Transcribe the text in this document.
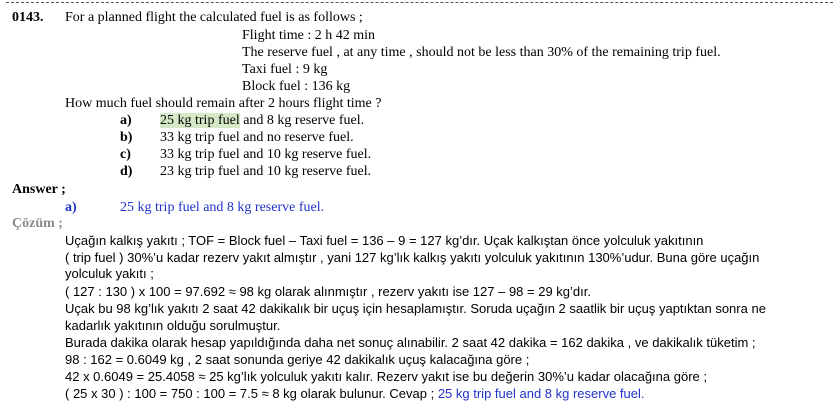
0143. For a planned flight the calculated fuel is as follows ;
Flight time : 2 h 42 min
The reserve fuel , at any time , should not be less than 30% of the remaining trip fuel.
Taxi fuel : 9 kg
Block fuel : 136 kg
How much fuel should remain after 2 hours flight time ?
a) 25 kg trip fuel and 8 kg reserve fuel.
b) 33 kg trip fuel and no reserve fuel.
c) 33 kg trip fuel and 10 kg reserve fuel.
d) 23 kg trip fuel and 10 kg reserve fuel.
Answer ;
a)	25 kg trip fuel and 8 kg reserve fuel.
Çözüm ;
Uçağın kalkış yakıtı ; TOF = Block fuel – Taxi fuel = 136 – 9 = 127 kg’dır. Uçak kalkıştan önce yolculuk yakıtının
( trip fuel ) 30%’u kadar rezerv yakıt almıştır , yani 127 kg’lık kalkış yakıtı yolculuk yakıtının 130%’udur. Buna göre uçağın
yolculuk yakıtı ;
( 127 : 130 ) x 100 = 97.692 ≈ 98 kg olarak alınmıştır , rezerv yakıtı ise 127 – 98 = 29 kg’dır.
Uçak bu 98 kg’lık yakıtı 2 saat 42 dakikalık bir uçuş için hesaplamıştır. Soruda uçağın 2 saatlik bir uçuş yaptıktan sonra ne
kadarlık yakıtının olduğu sorulmuştur.
Burada dakika olarak hesap yapıldığında daha net sonuç alınabilir. 2 saat 42 dakika = 162 dakika , ve dakikalık tüketim ;
98 : 162 = 0.6049 kg , 2 saat sonunda geriye 42 dakikalık uçuş kalacağına göre ;
42 x 0.6049 = 25.4058 ≈ 25 kg’lık yolculuk yakıtı kalır. Rezerv yakıt ise bu değerin 30%’u kadar olacağına göre ;
( 25 x 30 ) : 100 = 750 : 100 = 7.5 ≈ 8 kg olarak bulunur. Cevap ; 25 kg trip fuel and 8 kg reserve fuel.
